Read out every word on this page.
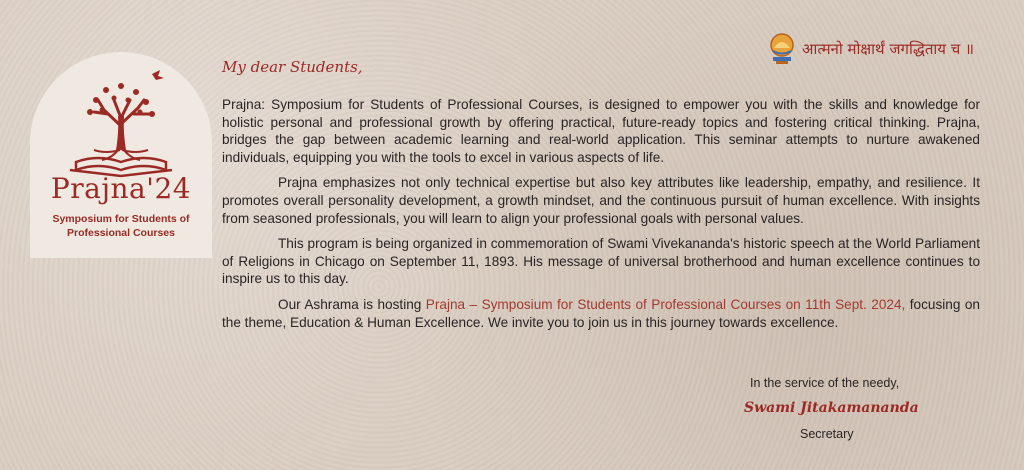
Prajna'24
Symposium for Students of
Professional Courses
आत्मनो मोक्षार्थं जगद्धिताय च ॥
My dear Students,

Prajna: Symposium for Students of Professional Courses, is designed to empower you with the skills and knowledge for holistic personal and professional growth by offering practical, future-ready topics and fostering critical thinking. Prajna, bridges the gap between academic learning and real-world application. This seminar attempts to nurture awakened individuals, equipping you with the tools to excel in various aspects of life.

Prajna emphasizes not only technical expertise but also key attributes like leadership, empathy, and resilience. It promotes overall personality development, a growth mindset, and the continuous pursuit of human excellence. With insights from seasoned professionals, you will learn to align your professional goals with personal values.

This program is being organized in commemoration of Swami Vivekananda's historic speech at the World Parliament of Religions in Chicago on September 11, 1893. His message of universal brotherhood and human excellence continues to inspire us to this day.

Our Ashrama is hosting Prajna – Symposium for Students of Professional Courses on 11th Sept. 2024, focusing on the theme, Education & Human Excellence. We invite you to join us in this journey towards excellence.

In the service of the needy,
Swami Jitakamananda
Secretary
